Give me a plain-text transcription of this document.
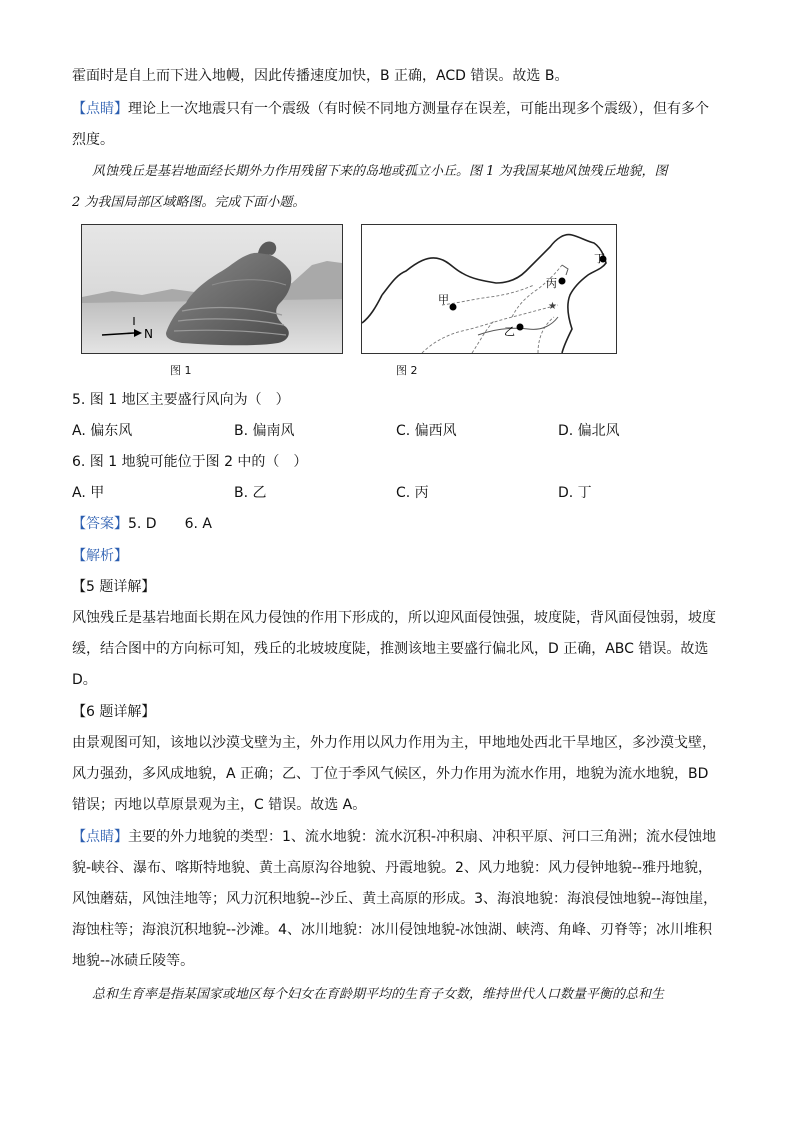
霍面时是自上而下进入地幔，因此传播速度加快，B 正确，ACD 错误。故选 B。
【点睛】理论上一次地震只有一个震级（有时候不同地方测量存在误差，可能出现多个震级），但有多个
烈度。
风蚀残丘是基岩地面经长期外力作用残留下来的岛地或孤立小丘。图 1 为我国某地风蚀残丘地貌，图
2 为我国局部区域略图。完成下面小题。
N
图 1
甲
乙
丙
丁
★
图 2
5. 图 1 地区主要盛行风向为（　）
A. 偏东风	B. 偏南风	C. 偏西风	D. 偏北风
6. 图 1 地貌可能位于图 2 中的（　）
A. 甲	B. 乙	C. 丙	D. 丁
【答案】5. D　　6. A
【解析】
【5 题详解】
风蚀残丘是基岩地面长期在风力侵蚀的作用下形成的，所以迎风面侵蚀强，坡度陡，背风面侵蚀弱，坡度
缓，结合图中的方向标可知，残丘的北坡坡度陡，推测该地主要盛行偏北风，D 正确，ABC 错误。故选
D。
【6 题详解】
由景观图可知，该地以沙漠戈壁为主，外力作用以风力作用为主，甲地地处西北干旱地区，多沙漠戈壁，
风力强劲，多风成地貌，A 正确；乙、丁位于季风气候区，外力作用为流水作用，地貌为流水地貌，BD
错误；丙地以草原景观为主，C 错误。故选 A。
【点睛】主要的外力地貌的类型：1、流水地貌：流水沉积-冲积扇、冲积平原、河口三角洲；流水侵蚀地
貌-峡谷、瀑布、喀斯特地貌、黄土高原沟谷地貌、丹霞地貌。2、风力地貌：风力侵钟地貌--雅丹地貌，
风蚀蘑菇，风蚀洼地等；风力沉积地貌--沙丘、黄土高原的形成。3、海浪地貌：海浪侵蚀地貌--海蚀崖，
海蚀柱等；海浪沉积地貌--沙滩。4、冰川地貌：冰川侵蚀地貌-冰蚀湖、峡湾、角峰、刃脊等；冰川堆积
地貌--冰碛丘陵等。
总和生育率是指某国家或地区每个妇女在育龄期平均的生育子女数，维持世代人口数量平衡的总和生
